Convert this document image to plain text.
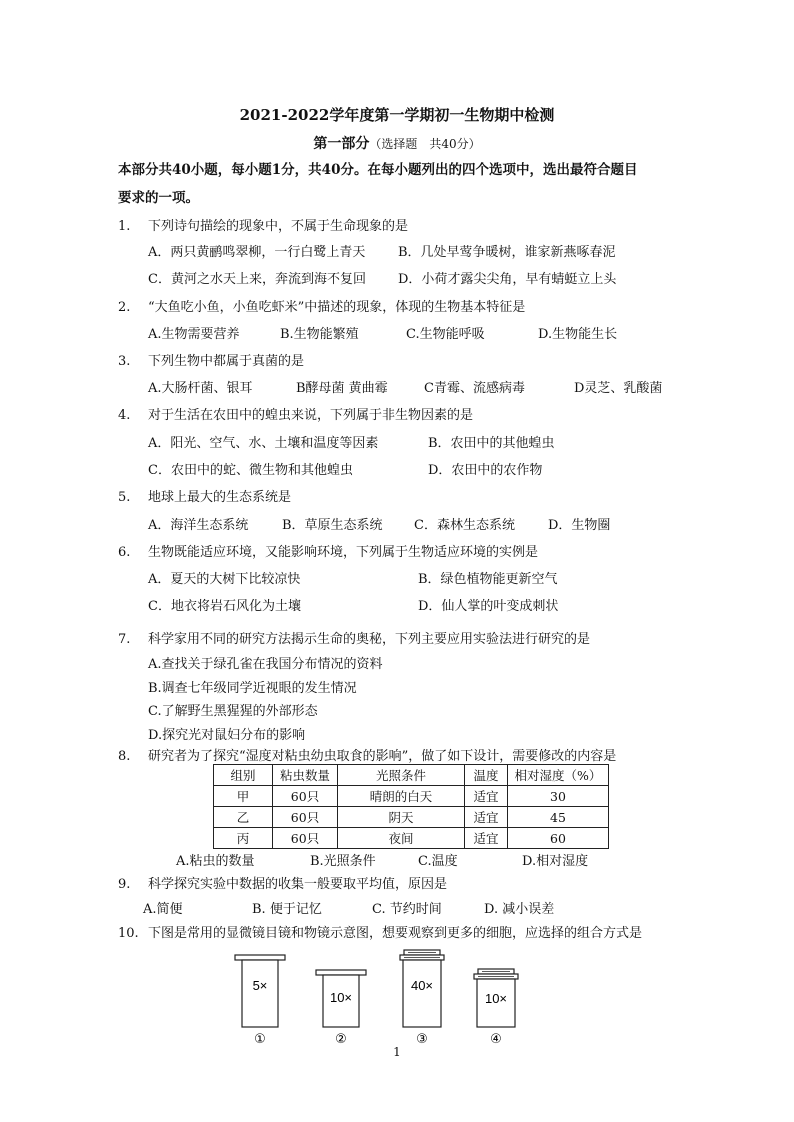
2021-2022学年度第一学期初一生物期中检测
第一部分（选择题　共40分）
本部分共40小题，每小题1分，共40分。在每小题列出的四个选项中，选出最符合题目
要求的一项。
1. 下列诗句描绘的现象中，不属于生命现象的是
A．两只黄鹂鸣翠柳，一行白鹭上青天	B．几处早莺争暖树，谁家新燕啄春泥
C．黄河之水天上来，奔流到海不复回 D．小荷才露尖尖角，早有蜻蜓立上头
2. “大鱼吃小鱼，小鱼吃虾米”中描述的现象，体现的生物基本特征是
A.生物需要营养	B.生物能繁殖	C.生物能呼吸	D.生物能生长
3. 下列生物中都属于真菌的是
A.大肠杆菌、银耳	B酵母菌 黄曲霉	C青霉、流感病毒	D灵芝、乳酸菌
4. 对于生活在农田中的蝗虫来说，下列属于非生物因素的是
A．阳光、空气、水、土壤和温度等因素	B．农田中的其他蝗虫
C．农田中的蛇、微生物和其他蝗虫	D．农田中的农作物
5. 地球上最大的生态系统是
A．海洋生态系统	B．草原生态系统 C．森林生态系统	D．生物圈
6. 生物既能适应环境，又能影响环境，下列属于生物适应环境的实例是
A．夏天的大树下比较凉快	B．绿色植物能更新空气
C．地衣将岩石风化为土壤	D．仙人掌的叶变成刺状
7. 科学家用不同的研究方法揭示生命的奥秘，下列主要应用实验法进行研究的是
A.查找关于绿孔雀在我国分布情况的资料
B.调查七年级同学近视眼的发生情况
C.了解野生黑猩猩的外部形态
D.探究光对鼠妇分布的影响
8. 研究者为了探究“湿度对粘虫幼虫取食的影响”，做了如下设计，需要修改的内容是
组别	粘虫数量	光照条件	温度	相对湿度（%）
甲	60只	晴朗的白天	适宜	30
乙	60只	阴天	适宜	45
丙	60只	夜间	适宜	60
A.粘虫的数量	B.光照条件	C.温度	D.相对湿度
9. 科学探究实验中数据的收集一般要取平均值，原因是
A.简便	B. 便于记忆	C. 节约时间	D. 减小误差
10. 下图是常用的显微镜目镜和物镜示意图，想要观察到更多的细胞，应选择的组合方式是
5×
①
10×
②
40×
③
10×
④
1
